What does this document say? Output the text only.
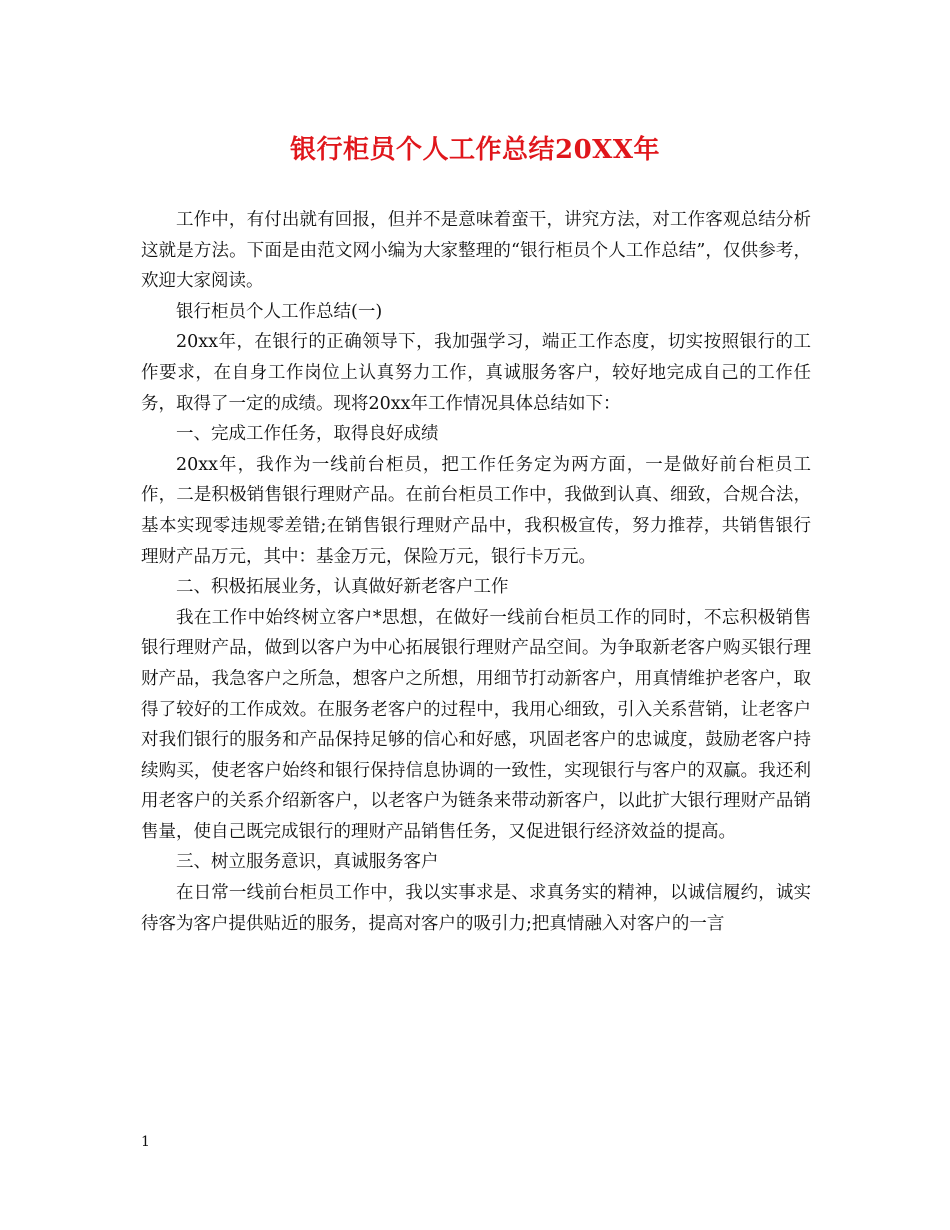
银行柜员个人工作总结20XX年

工作中，有付出就有回报，但并不是意味着蛮干，讲究方法，对工作客观总结分析这就是方法。下面是由范文网小编为大家整理的“银行柜员个人工作总结”，仅供参考，欢迎大家阅读。

银行柜员个人工作总结(一)

20xx年，在银行的正确领导下，我加强学习，端正工作态度，切实按照银行的工作要求，在自身工作岗位上认真努力工作，真诚服务客户，较好地完成自己的工作任务，取得了一定的成绩。现将20xx年工作情况具体总结如下：

一、完成工作任务，取得良好成绩

20xx年，我作为一线前台柜员，把工作任务定为两方面，一是做好前台柜员工作，二是积极销售银行理财产品。在前台柜员工作中，我做到认真、细致，合规合法，基本实现零违规零差错;在销售银行理财产品中，我积极宣传，努力推荐，共销售银行理财产品万元，其中：基金万元，保险万元，银行卡万元。

二、积极拓展业务，认真做好新老客户工作

我在工作中始终树立客户*思想，在做好一线前台柜员工作的同时，不忘积极销售银行理财产品，做到以客户为中心拓展银行理财产品空间。为争取新老客户购买银行理财产品，我急客户之所急，想客户之所想，用细节打动新客户，用真情维护老客户，取得了较好的工作成效。在服务老客户的过程中，我用心细致，引入关系营销，让老客户对我们银行的服务和产品保持足够的信心和好感，巩固老客户的忠诚度，鼓励老客户持续购买，使老客户始终和银行保持信息协调的一致性，实现银行与客户的双赢。我还利用老客户的关系介绍新客户，以老客户为链条来带动新客户，以此扩大银行理财产品销售量，使自己既完成银行的理财产品销售任务，又促进银行经济效益的提高。

三、树立服务意识，真诚服务客户

在日常一线前台柜员工作中，我以实事求是、求真务实的精神，以诚信履约，诚实待客为客户提供贴近的服务，提高对客户的吸引力;把真情融入对客户的一言

1
